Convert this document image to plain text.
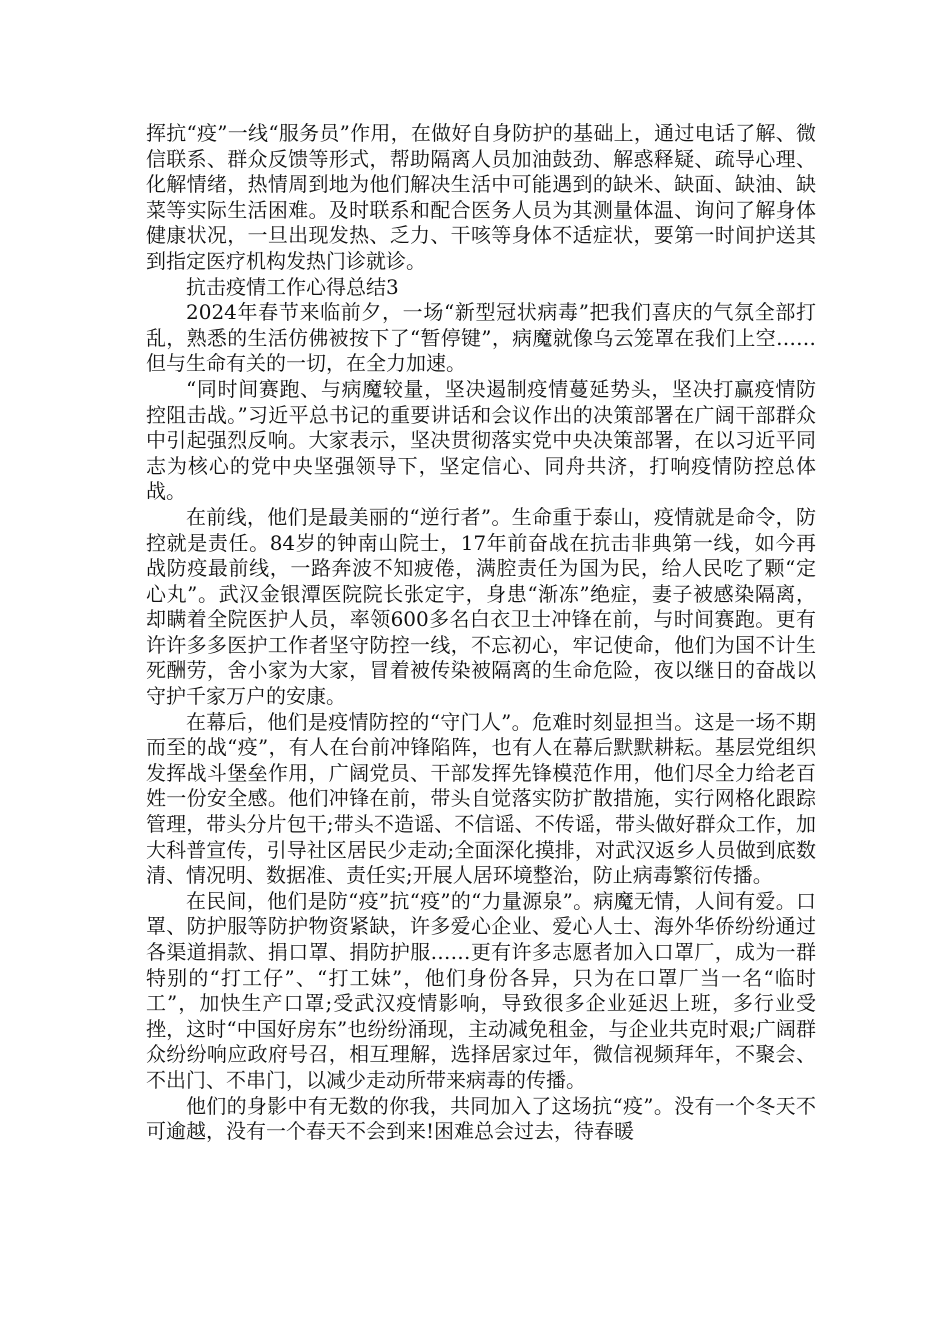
挥抗“疫”一线“服务员”作用，在做好自身防护的基础上，通过电话了解、微信联系、群众反馈等形式，帮助隔离人员加油鼓劲、解惑释疑、疏导心理、化解情绪，热情周到地为他们解决生活中可能遇到的缺米、缺面、缺油、缺菜等实际生活困难。及时联系和配合医务人员为其测量体温、询问了解身体健康状况，一旦出现发热、乏力、干咳等身体不适症状，要第一时间护送其到指定医疗机构发热门诊就诊。

抗击疫情工作心得总结3

2024年春节来临前夕，一场“新型冠状病毒”把我们喜庆的气氛全部打乱，熟悉的生活仿佛被按下了“暂停键”，病魔就像乌云笼罩在我们上空……但与生命有关的一切，在全力加速。

“同时间赛跑、与病魔较量，坚决遏制疫情蔓延势头，坚决打赢疫情防控阻击战。”习近平总书记的重要讲话和会议作出的决策部署在广阔干部群众中引起强烈反响。大家表示，坚决贯彻落实党中央决策部署，在以习近平同志为核心的党中央坚强领导下，坚定信心、同舟共济，打响疫情防控总体战。

在前线，他们是最美丽的“逆行者”。生命重于泰山，疫情就是命令，防控就是责任。84岁的钟南山院士，17年前奋战在抗击非典第一线，如今再战防疫最前线，一路奔波不知疲倦，满腔责任为国为民，给人民吃了颗“定心丸”。武汉金银潭医院院长张定宇，身患“渐冻”绝症，妻子被感染隔离，却瞒着全院医护人员，率领600多名白衣卫士冲锋在前，与时间赛跑。更有许许多多医护工作者坚守防控一线，不忘初心，牢记使命，他们为国不计生死酬劳，舍小家为大家，冒着被传染被隔离的生命危险，夜以继日的奋战以守护千家万户的安康。

在幕后，他们是疫情防控的“守门人”。危难时刻显担当。这是一场不期而至的战“疫”，有人在台前冲锋陷阵，也有人在幕后默默耕耘。基层党组织发挥战斗堡垒作用，广阔党员、干部发挥先锋模范作用，他们尽全力给老百姓一份安全感。他们冲锋在前，带头自觉落实防扩散措施，实行网格化跟踪管理，带头分片包干;带头不造谣、不信谣、不传谣，带头做好群众工作，加大科普宣传，引导社区居民少走动;全面深化摸排，对武汉返乡人员做到底数清、情况明、数据准、责任实;开展人居环境整治，防止病毒繁衍传播。

在民间，他们是防“疫”抗“疫”的“力量源泉”。病魔无情，人间有爱。口罩、防护服等防护物资紧缺，许多爱心企业、爱心人士、海外华侨纷纷通过各渠道捐款、捐口罩、捐防护服……更有许多志愿者加入口罩厂，成为一群特别的“打工仔”、“打工妹”，他们身份各异，只为在口罩厂当一名“临时工”，加快生产口罩;受武汉疫情影响，导致很多企业延迟上班，多行业受挫，这时“中国好房东”也纷纷涌现，主动减免租金，与企业共克时艰;广阔群众纷纷响应政府号召，相互理解，选择居家过年，微信视频拜年，不聚会、不出门、不串门，以减少走动所带来病毒的传播。

他们的身影中有无数的你我，共同加入了这场抗“疫”。没有一个冬天不可逾越，没有一个春天不会到来!困难总会过去，待春暖
